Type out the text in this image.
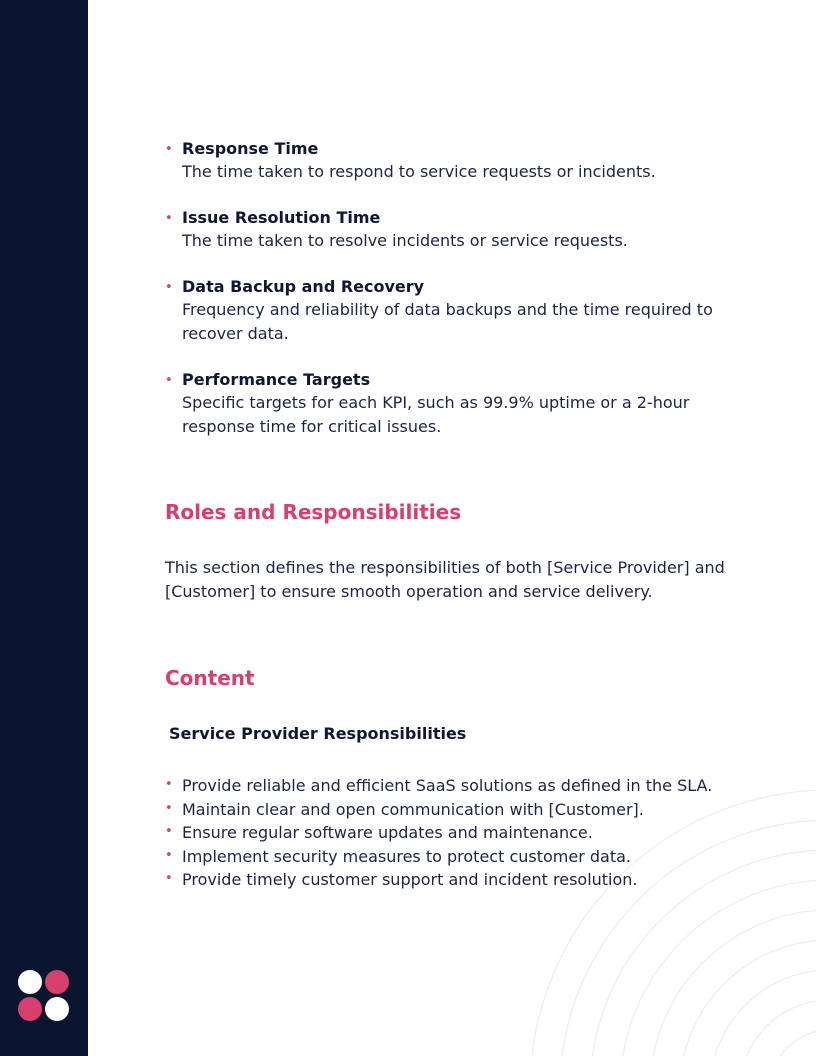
• Response Time
The time taken to respond to service requests or incidents.
• Issue Resolution Time
The time taken to resolve incidents or service requests.
• Data Backup and Recovery
Frequency and reliability of data backups and the time required to recover data.
• Performance Targets
Specific targets for each KPI, such as 99.9% uptime or a 2-hour response time for critical issues.
Roles and Responsibilities

This section defines the responsibilities of both [Service Provider] and [Customer] to ensure smooth operation and service delivery.

Content
Service Provider Responsibilities
• Provide reliable and efficient SaaS solutions as defined in the SLA.
• Maintain clear and open communication with [Customer].
• Ensure regular software updates and maintenance.
• Implement security measures to protect customer data.
• Provide timely customer support and incident resolution.
